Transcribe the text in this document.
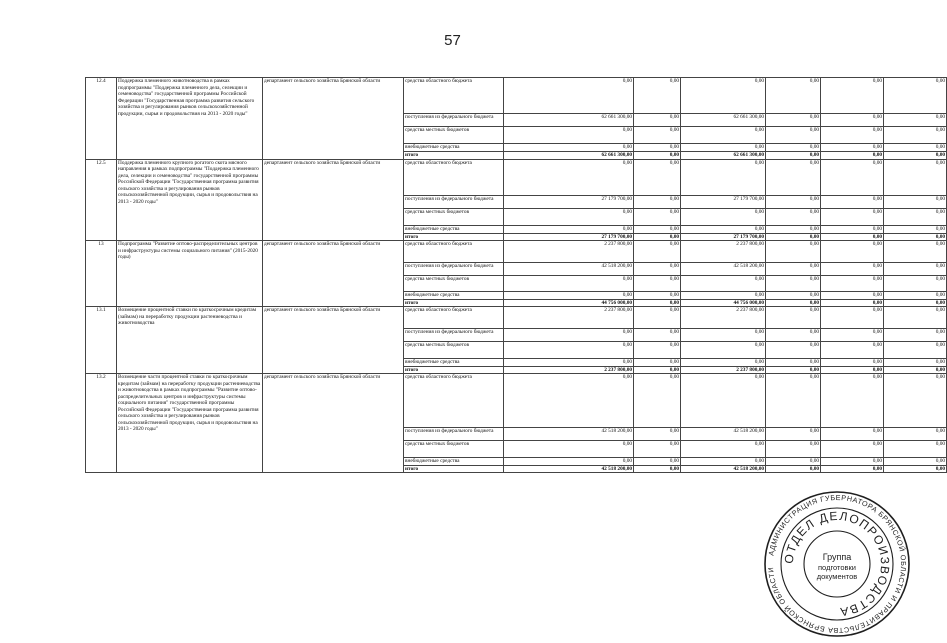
57
12.4	Поддержка племенного животноводства в рамках подпрограммы "Поддержка племенного дела, селекции и семеноводства" государственной программы Российской Федерации "Государственная программа развития сельского хозяйства и регулирования рынков сельскохозяйственной продукции, сырья и продовольствия на 2013 - 2020 годы"	департамент сельского хозяйства Брянской области	средства областного бюджета	0,00	0,00	0,00	0,00	0,00	0,00
			поступления из федерального бюджета	62 661 300,00	0,00	62 661 300,00	0,00	0,00	0,00
			средства местных бюджетов	0,00	0,00	0,00	0,00	0,00	0,00
			внебюджетные средства	0,00	0,00	0,00	0,00	0,00	0,00
			итого	62 661 300,00	0,00	62 661 300,00	0,00	0,00	0,00
12.5	Поддержка племенного крупного рогатого скота мясного направления в рамках подпрограммы "Поддержка племенного дела, селекции и семеноводства" государственной программы Российской Федерации "Государственная программа развития сельского хозяйства и регулирования рынков сельскохозяйственной продукции, сырья и продовольствия на 2013 - 2020 годы"	департамент сельского хозяйства Брянской области	средства областного бюджета	0,00	0,00	0,00	0,00	0,00	0,00
			поступления из федерального бюджета	27 179 700,00	0,00	27 179 700,00	0,00	0,00	0,00
			средства местных бюджетов	0,00	0,00	0,00	0,00	0,00	0,00
			внебюджетные средства	0,00	0,00	0,00	0,00	0,00	0,00
			итого	27 179 700,00	0,00	27 179 700,00	0,00	0,00	0,00
13	Подпрограмма "Развитие оптово-распределительных центров и инфраструктуры системы социального питания" (2015-2020 годы)	департамент сельского хозяйства Брянской области	средства областного бюджета	2 237 800,00	0,00	2 237 800,00	0,00	0,00	0,00
			поступления из федерального бюджета	42 518 200,00	0,00	42 518 200,00	0,00	0,00	0,00
			средства местных бюджетов	0,00	0,00	0,00	0,00	0,00	0,00
			внебюджетные средства	0,00	0,00	0,00	0,00	0,00	0,00
			итого	44 756 000,00	0,00	44 756 000,00	0,00	0,00	0,00
13.1	Возмещение процентной ставки по краткосрочным кредитам (займам) на переработку продукции растениеводства и животноводства	департамент сельского хозяйства Брянской области	средства областного бюджета	2 237 800,00	0,00	2 237 800,00	0,00	0,00	0,00
			поступления из федерального бюджета	0,00	0,00	0,00	0,00	0,00	0,00
			средства местных бюджетов	0,00	0,00	0,00	0,00	0,00	0,00
			внебюджетные средства	0,00	0,00	0,00	0,00	0,00	0,00
			итого	2 237 800,00	0,00	2 237 800,00	0,00	0,00	0,00
13.2	Возмещение части процентной ставки по краткосрочным кредитам (займам) на переработку продукции растениеводства и животноводства в рамках подпрограммы "Развитие оптово-распределительных центров и инфраструктуры системы социального питания" государственной программы Российской Федерации "Государственная программа развития сельского хозяйства и регулирования рынков сельскохозяйственной продукции, сырья и продовольствия на 2013 - 2020 годы"	департамент сельского хозяйства Брянской области	средства областного бюджета	0,00	0,00	0,00	0,00	0,00	0,00
			поступления из федерального бюджета	42 518 200,00	0,00	42 518 200,00	0,00	0,00	0,00
			средства местных бюджетов	0,00	0,00	0,00	0,00	0,00	0,00
			внебюджетные средства	0,00	0,00	0,00	0,00	0,00	0,00
			итого	42 518 200,00	0,00	42 518 200,00	0,00	0,00	0,00
АДМИНИСТРАЦИЯ ГУБЕРНАТОРА БРЯНСКОЙ ОБЛАСТИ И ПРАВИТЕЛЬСТВА БРЯНСКОЙ ОБЛАСТИ
ОТДЕЛ ДЕЛОПРОИЗВОДСТВА
Группа
подготовки
документов
